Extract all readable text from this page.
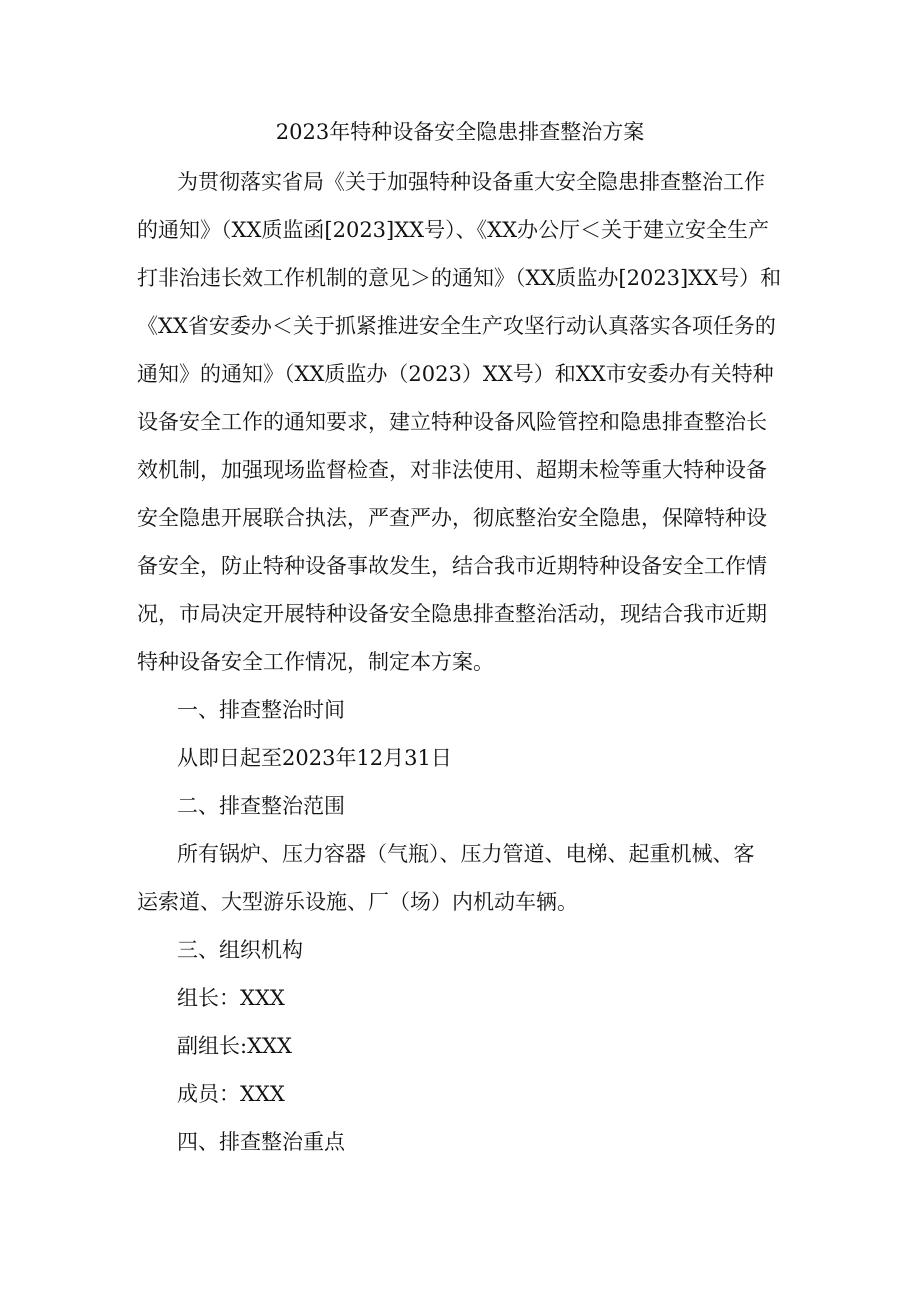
2023年特种设备安全隐患排查整治方案
为贯彻落实省局《关于加强特种设备重大安全隐患排查整治工作
的通知》（XX质监函[2023]XX号）、《XX办公厅＜关于建立安全生产
打非治违长效工作机制的意见＞的通知》（XX质监办[2023]XX号）和
《XX省安委办＜关于抓紧推进安全生产攻坚行动认真落实各项任务的
通知》的通知》（XX质监办（2023）XX号）和XX市安委办有关特种
设备安全工作的通知要求，建立特种设备风险管控和隐患排查整治长
效机制，加强现场监督检查，对非法使用、超期未检等重大特种设备
安全隐患开展联合执法，严查严办，彻底整治安全隐患，保障特种设
备安全，防止特种设备事故发生，结合我市近期特种设备安全工作情
况，市局决定开展特种设备安全隐患排查整治活动，现结合我市近期
特种设备安全工作情况，制定本方案。
一、排查整治时间
从即日起至2023年12月31日
二、排查整治范围
所有锅炉、压力容器（气瓶）、压力管道、电梯、起重机械、客
运索道、大型游乐设施、厂（场）内机动车辆。
三、组织机构
组长：XXX
副组长:XXX
成员：XXX
四、排查整治重点
